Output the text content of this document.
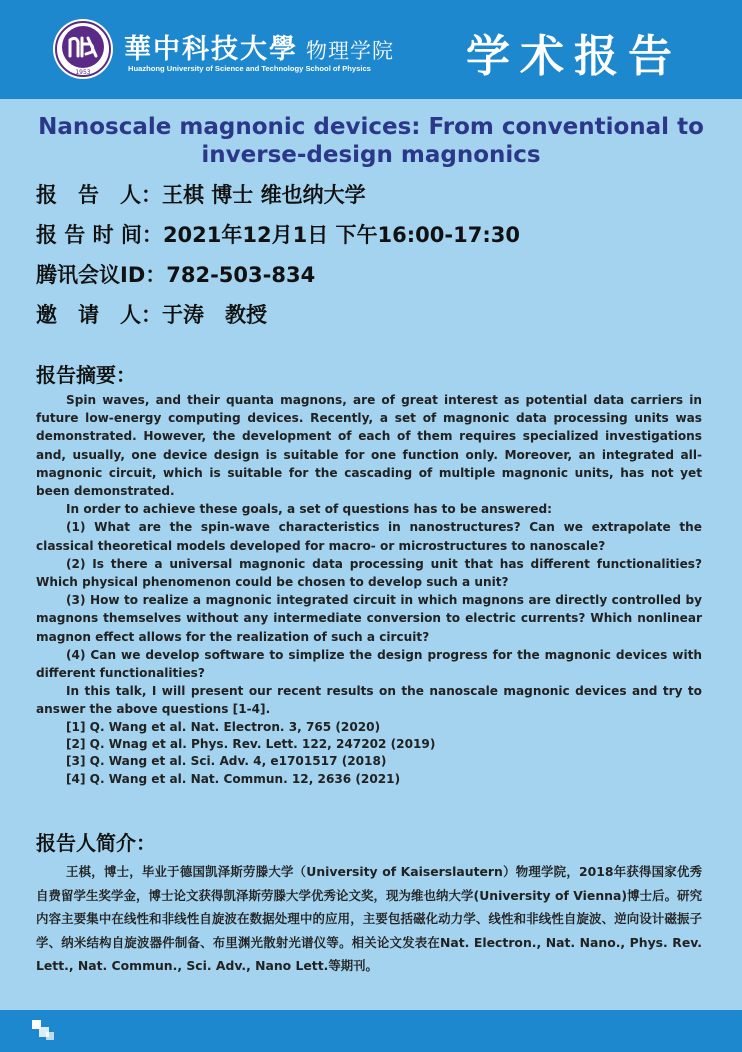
1953
華中科技大學 物理学院
Huazhong University of Science and Technology School of Physics 学术报告
Nanoscale magnonic devices: From conventional to inverse-design magnonics
报　告　人：王棋 博士 维也纳大学
报 告 时 间：2021年12月1日 下午16:00-17:30
腾讯会议ID：782-503-834
邀　请　人：于涛　教授
报告摘要：

Spin waves, and their quanta magnons, are of great interest as potential data carriers in future low-energy computing devices. Recently, a set of magnonic data processing units was demonstrated. However, the development of each of them requires specialized investigations and, usually, one device design is suitable for one function only. Moreover, an integrated all-magnonic circuit, which is suitable for the cascading of multiple magnonic units, has not yet been demonstrated.

In order to achieve these goals, a set of questions has to be answered:

(1) What are the spin-wave characteristics in nanostructures? Can we extrapolate the classical theoretical models developed for macro- or microstructures to nanoscale?

(2) Is there a universal magnonic data processing unit that has different functionalities? Which physical phenomenon could be chosen to develop such a unit?

(3) How to realize a magnonic integrated circuit in which magnons are directly controlled by magnons themselves without any intermediate conversion to electric currents? Which nonlinear magnon effect allows for the realization of such a circuit?

(4) Can we develop software to simplize the design progress for the magnonic devices with different functionalities?

In this talk, I will present our recent results on the nanoscale magnonic devices and try to answer the above questions [1-4].

[1] Q. Wang et al. Nat. Electron. 3, 765 (2020)

[2] Q. Wnag et al. Phys. Rev. Lett. 122, 247202 (2019)

[3] Q. Wang et al. Sci. Adv. 4, e1701517 (2018)

[4] Q. Wang et al. Nat. Commun. 12, 2636 (2021)

报告人简介：
王棋，博士，毕业于德国凯泽斯劳滕大学（University of Kaiserslautern）物理学院，2018年获得国家优秀自费留学生奖学金，博士论文获得凯泽斯劳滕大学优秀论文奖，现为维也纳大学(University of Vienna)博士后。研究内容主要集中在线性和非线性自旋波在数据处理中的应用，主要包括磁化动力学、线性和非线性自旋波、逆向设计磁振子学、纳米结构自旋波器件制备、布里渊光散射光谱仪等。相关论文发表在Nat. Electron., Nat. Nano., Phys. Rev. Lett., Nat. Commun., Sci. Adv., Nano Lett.等期刊。
